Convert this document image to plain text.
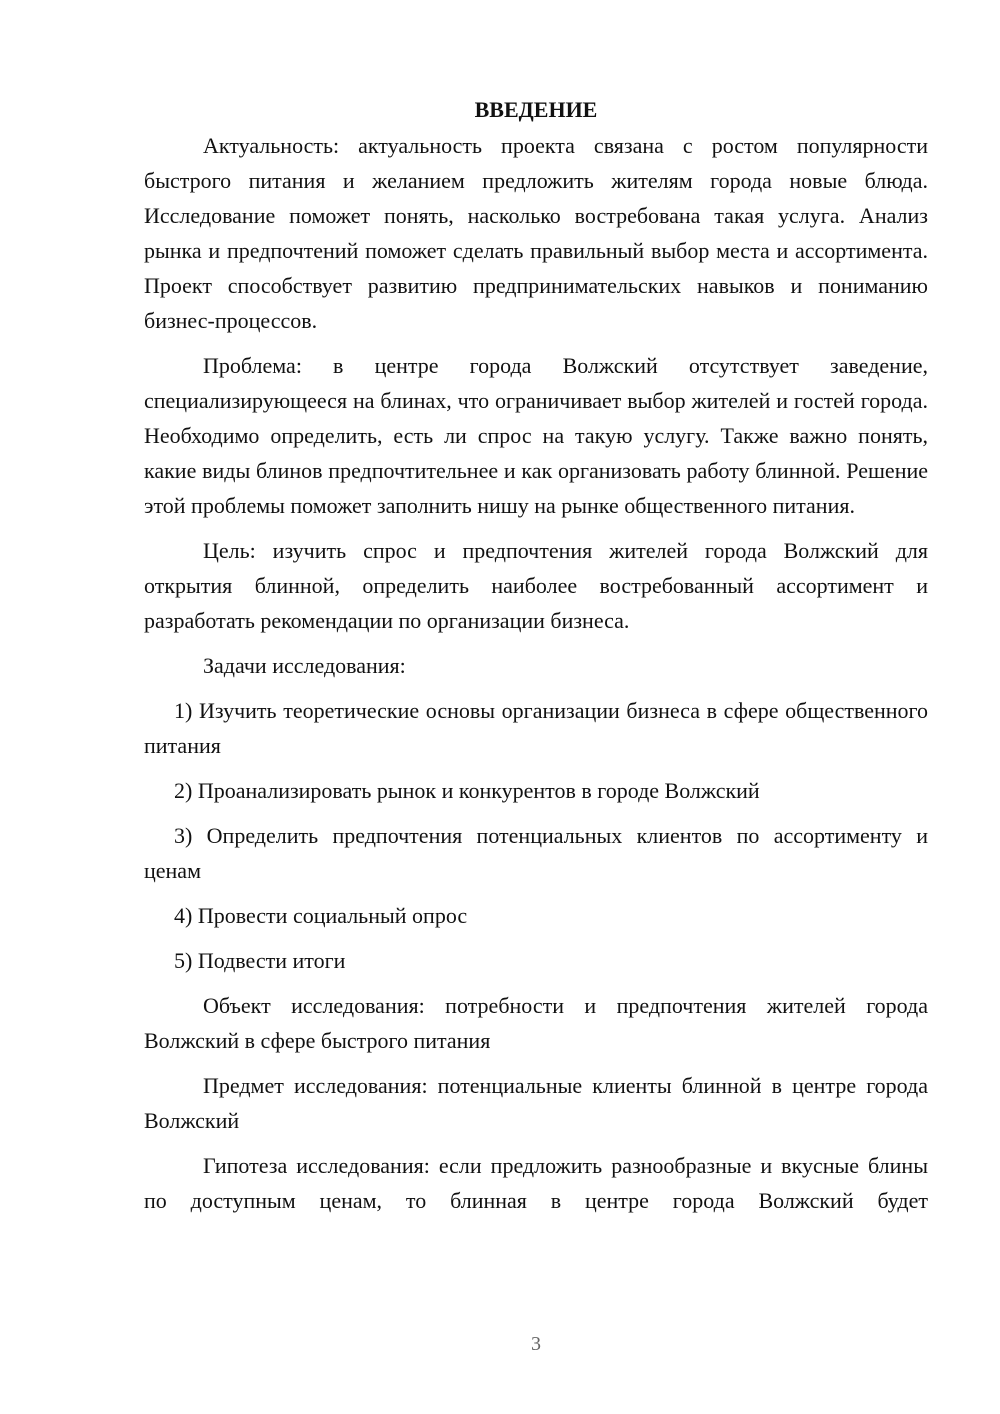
ВВЕДЕНИЕ

Актуальность: актуальность проекта связана с ростом популярности быстрого питания и желанием предложить жителям города новые блюда. Исследование поможет понять, насколько востребована такая услуга. Анализ рынка и предпочтений поможет сделать правильный выбор места и ассортимента. Проект способствует развитию предпринимательских навыков и пониманию бизнес-процессов.

Проблема: в центре города Волжский отсутствует заведение, специализирующееся на блинах, что ограничивает выбор жителей и гостей города. Необходимо определить, есть ли спрос на такую услугу. Также важно понять, какие виды блинов предпочтительнее и как организовать работу блинной. Решение этой проблемы поможет заполнить нишу на рынке общественного питания.

Цель: изучить спрос и предпочтения жителей города Волжский для открытия блинной, определить наиболее востребованный ассортимент и разработать рекомендации по организации бизнеса.

Задачи исследования:

1) Изучить теоретические основы организации бизнеса в сфере общественного питания

2) Проанализировать рынок и конкурентов в городе Волжский

3) Определить предпочтения потенциальных клиентов по ассортименту и ценам

4) Провести социальный опрос

5) Подвести итоги

Объект исследования: потребности и предпочтения жителей города Волжский в сфере быстрого питания

Предмет исследования: потенциальные клиенты блинной в центре города Волжский

Гипотеза исследования: если предложить разнообразные и вкусные блины по доступным ценам, то блинная в центре города Волжский будет

3
